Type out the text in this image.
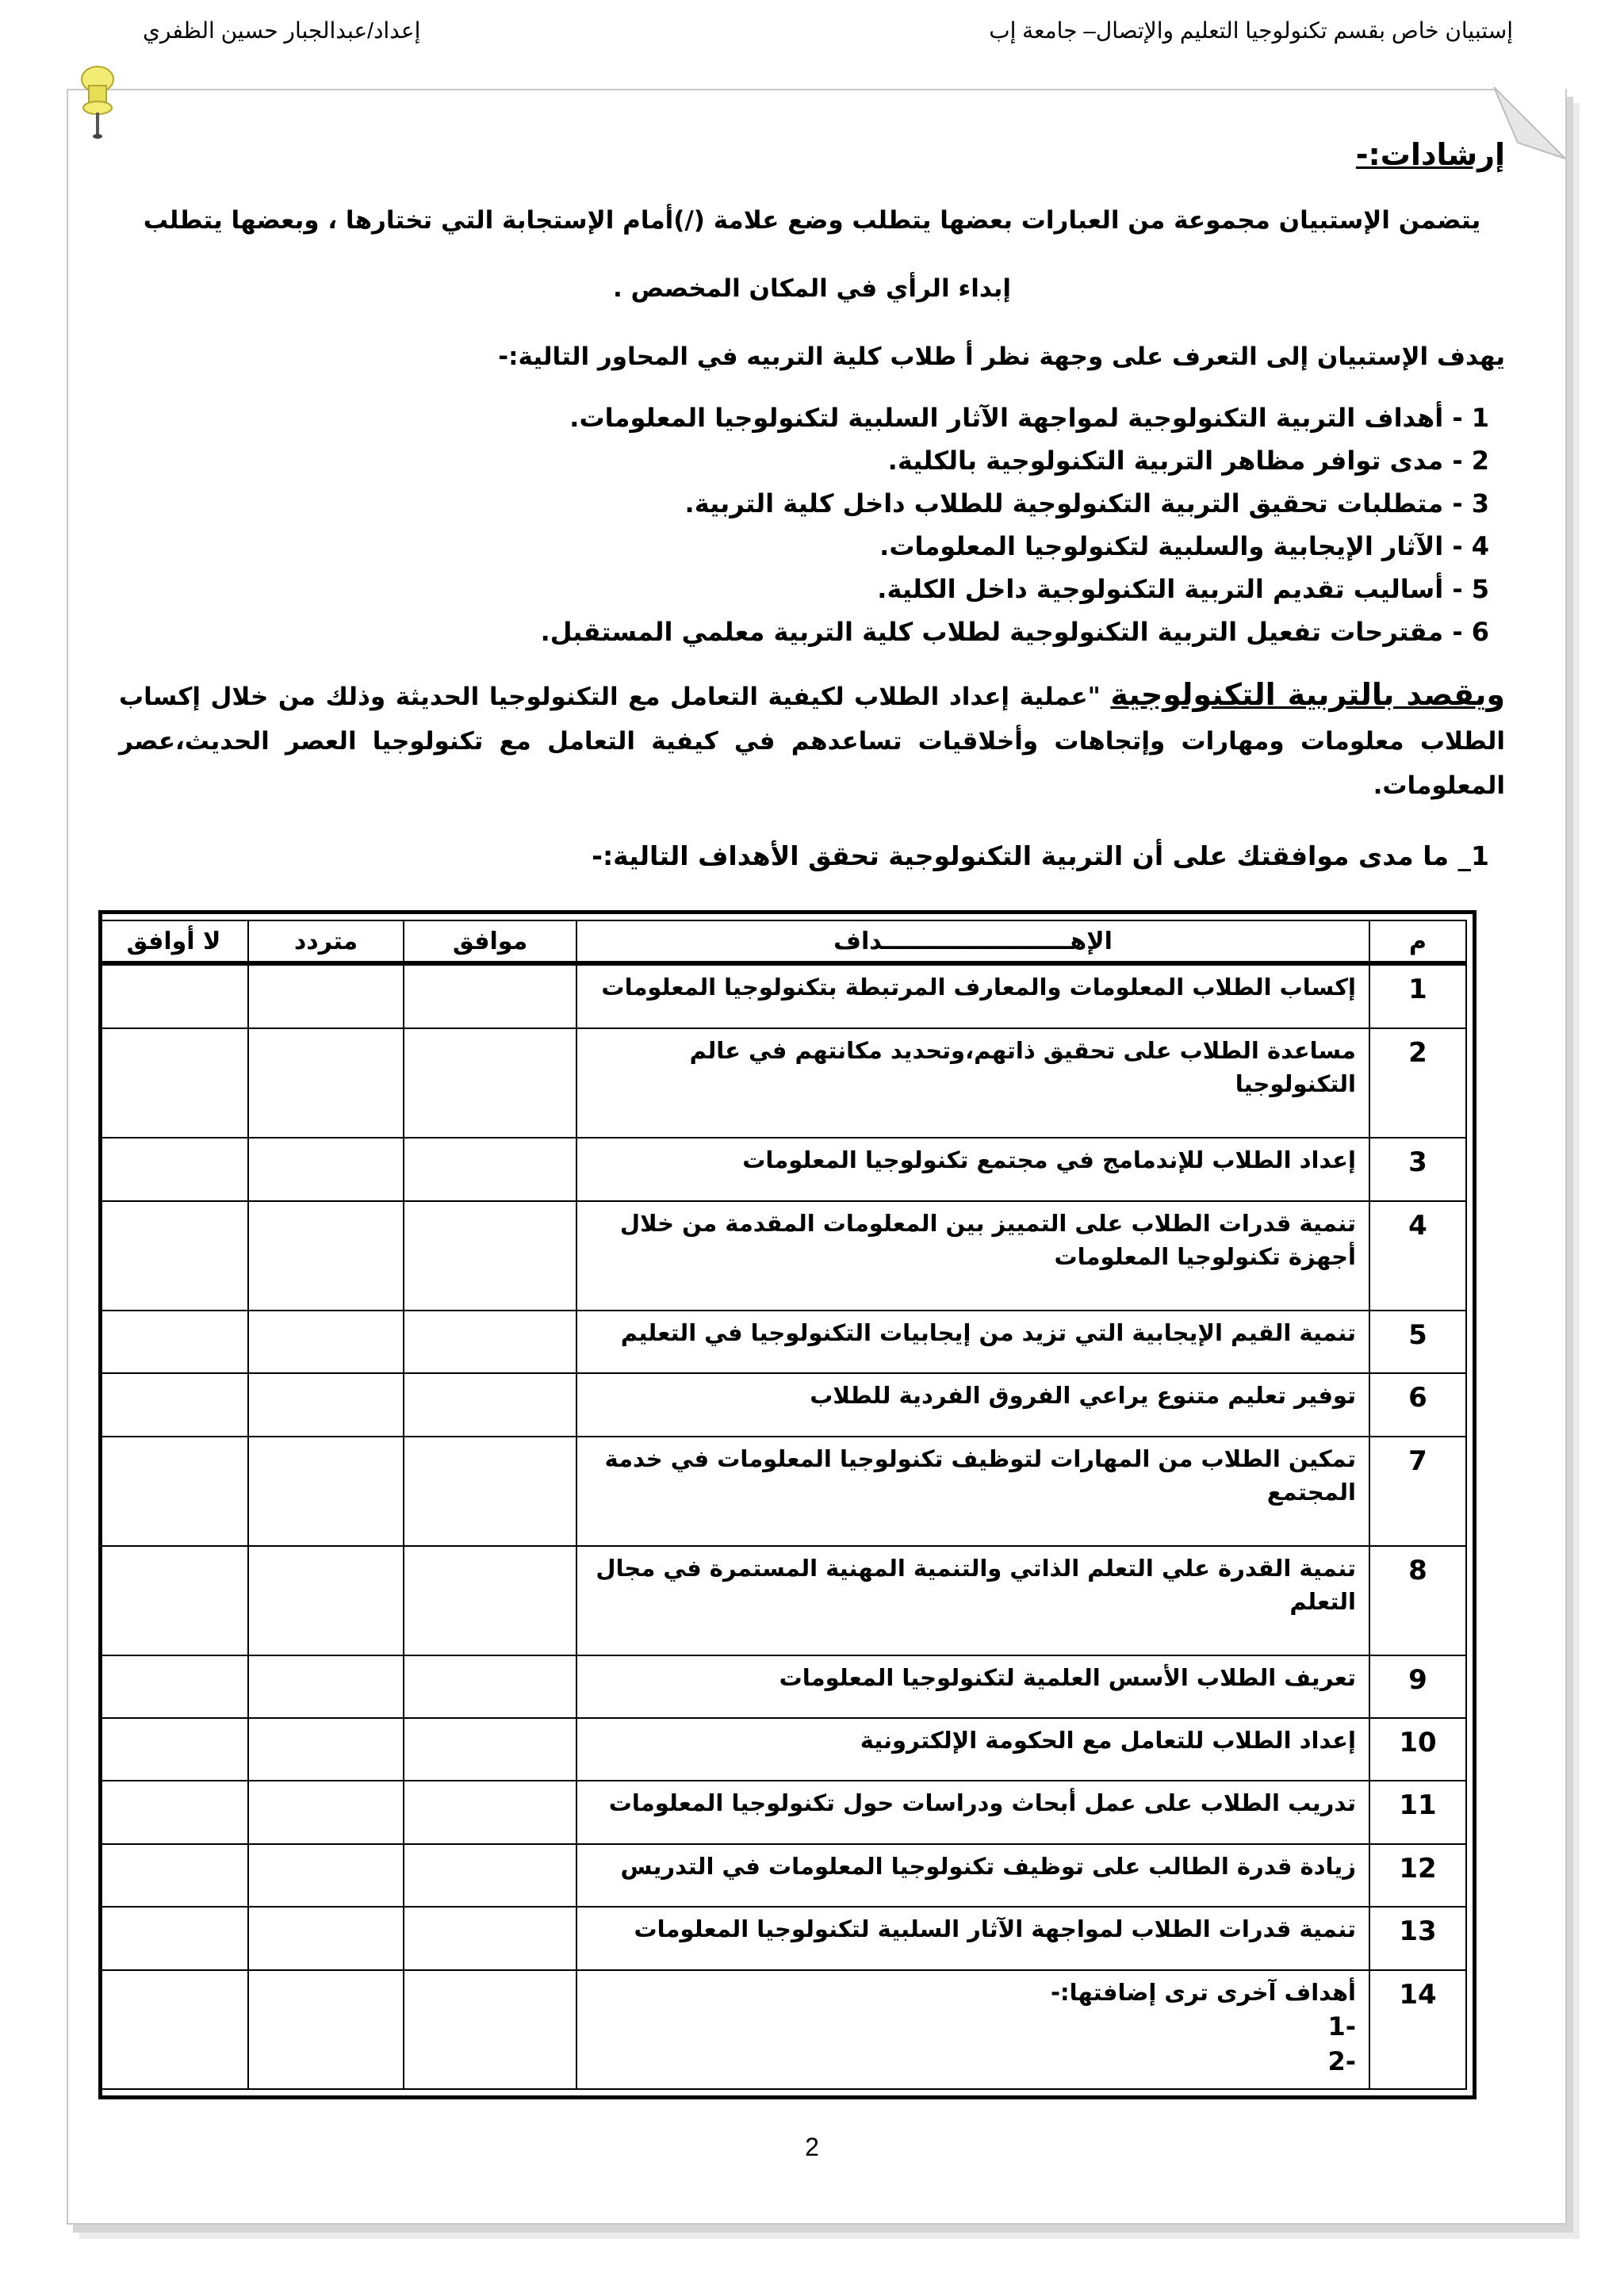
إستبيان خاص بقسم تكنولوجيا التعليم والإتصال– جامعة إب
إعداد/عبدالجبار حسين الظفري
إرشادات:-

يتضمن الإستبيان مجموعة من العبارات بعضها يتطلب وضع علامة (/)أمام الإستجابة التي تختارها ، وبعضها يتطلب

إبداء الرأي في المكان المخصص .

يهدف الإستبيان إلى التعرف على وجهة نظر أ طلاب كلية التربيه في المحاور التالية:-

1 - أهداف التربية التكنولوجية لمواجهة الآثار السلبية لتكنولوجيا المعلومات.
2 - مدى توافر مظاهر التربية التكنولوجية بالكلية.
3 - متطلبات تحقيق التربية التكنولوجية للطلاب داخل كلية التربية.
4 - الآثار الإيجابية والسلبية لتكنولوجيا المعلومات.
5 - أساليب تقديم التربية التكنولوجية داخل الكلية.
6 - مقترحات تفعيل التربية التكنولوجية لطلاب كلية التربية معلمي المستقبل.
ويقصد بالتربية التكنولوجية "عملية إعداد الطلاب لكيفية التعامل مع التكنولوجيا الحديثة وذلك من خلال إكساب الطلاب معلومات ومهارات وإتجاهات وأخلاقيات تساعدهم في كيفية التعامل مع تكنولوجيا العصر الحديث،عصر المعلومات.
1_ ما مدى موافقتك على أن التربية التكنولوجية تحقق الأهداف التالية:-
م	الإهـــــــــــــــــــــــداف	موافق	متردد	لا أوافق
1	إكساب الطلاب المعلومات والمعارف المرتبطة بتكنولوجيا المعلومات			
2	مساعدة الطلاب على تحقيق ذاتهم،وتحديد مكانتهم في عالم التكنولوجيا			
3	إعداد الطلاب للإندمامج في مجتمع تكنولوجيا المعلومات			
4	تنمية قدرات الطلاب على التمييز بين المعلومات المقدمة من خلال أجهزة تكنولوجيا المعلومات			
5	تنمية القيم الإيجابية التي تزيد من إيجابيات التكنولوجيا في التعليم			
6	توفير تعليم متنوع يراعي الفروق الفردية للطلاب			
7	تمكين الطلاب من المهارات لتوظيف تكنولوجيا المعلومات في خدمة المجتمع			
8	تنمية القدرة علي التعلم الذاتي والتنمية المهنية المستمرة في مجال التعلم			
9	تعريف الطلاب الأسس العلمية لتكنولوجيا المعلومات			
10	إعداد الطلاب للتعامل مع الحكومة الإلكترونية			
11	تدريب الطلاب على عمل أبحاث ودراسات حول تكنولوجيا المعلومات			
12	زيادة قدرة الطالب على توظيف تكنولوجيا المعلومات في التدريس			
13	تنمية قدرات الطلاب لمواجهة الآثار السلبية لتكنولوجيا المعلومات			
14	أهداف آخرى ترى إضافتها:-
1-
2-			

2
